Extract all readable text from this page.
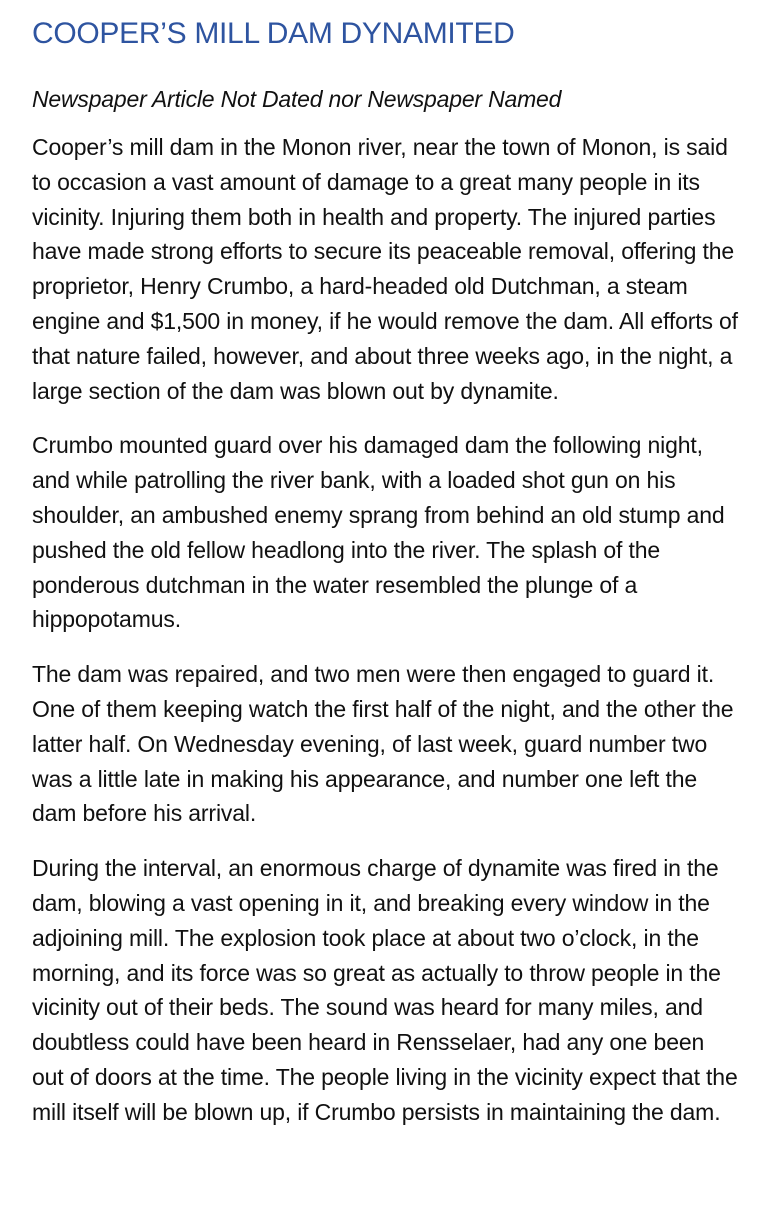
COOPER’S MILL DAM DYNAMITED

Newspaper Article Not Dated nor Newspaper Named

Cooper’s mill dam in the Monon river, near the town of Monon, is said to occasion a vast amount of damage to a great many people in its vicinity. Injuring them both in health and property. The injured parties have made strong efforts to secure its peaceable removal, offering the proprietor, Henry Crumbo, a hard-headed old Dutchman, a steam engine and $1,500 in money, if he would remove the dam. All efforts of that nature failed, however, and about three weeks ago, in the night, a large section of the dam was blown out by dynamite.

Crumbo mounted guard over his damaged dam the following night, and while patrolling the river bank, with a loaded shot gun on his shoulder, an ambushed enemy sprang from behind an old stump and pushed the old fellow headlong into the river. The splash of the ponderous dutchman in the water resembled the plunge of a hippopotamus.

The dam was repaired, and two men were then engaged to guard it. One of them keeping watch the first half of the night, and the other the latter half. On Wednesday evening, of last week, guard number two was a little late in making his appearance, and number one left the dam before his arrival.

During the interval, an enormous charge of dynamite was fired in the dam, blowing a vast opening in it, and breaking every window in the adjoining mill. The explosion took place at about two o’clock, in the morning, and its force was so great as actually to throw people in the vicinity out of their beds. The sound was heard for many miles, and doubtless could have been heard in Rensselaer, had any one been out of doors at the time. The people living in the vicinity expect that the mill itself will be blown up, if Crumbo persists in maintaining the dam.
